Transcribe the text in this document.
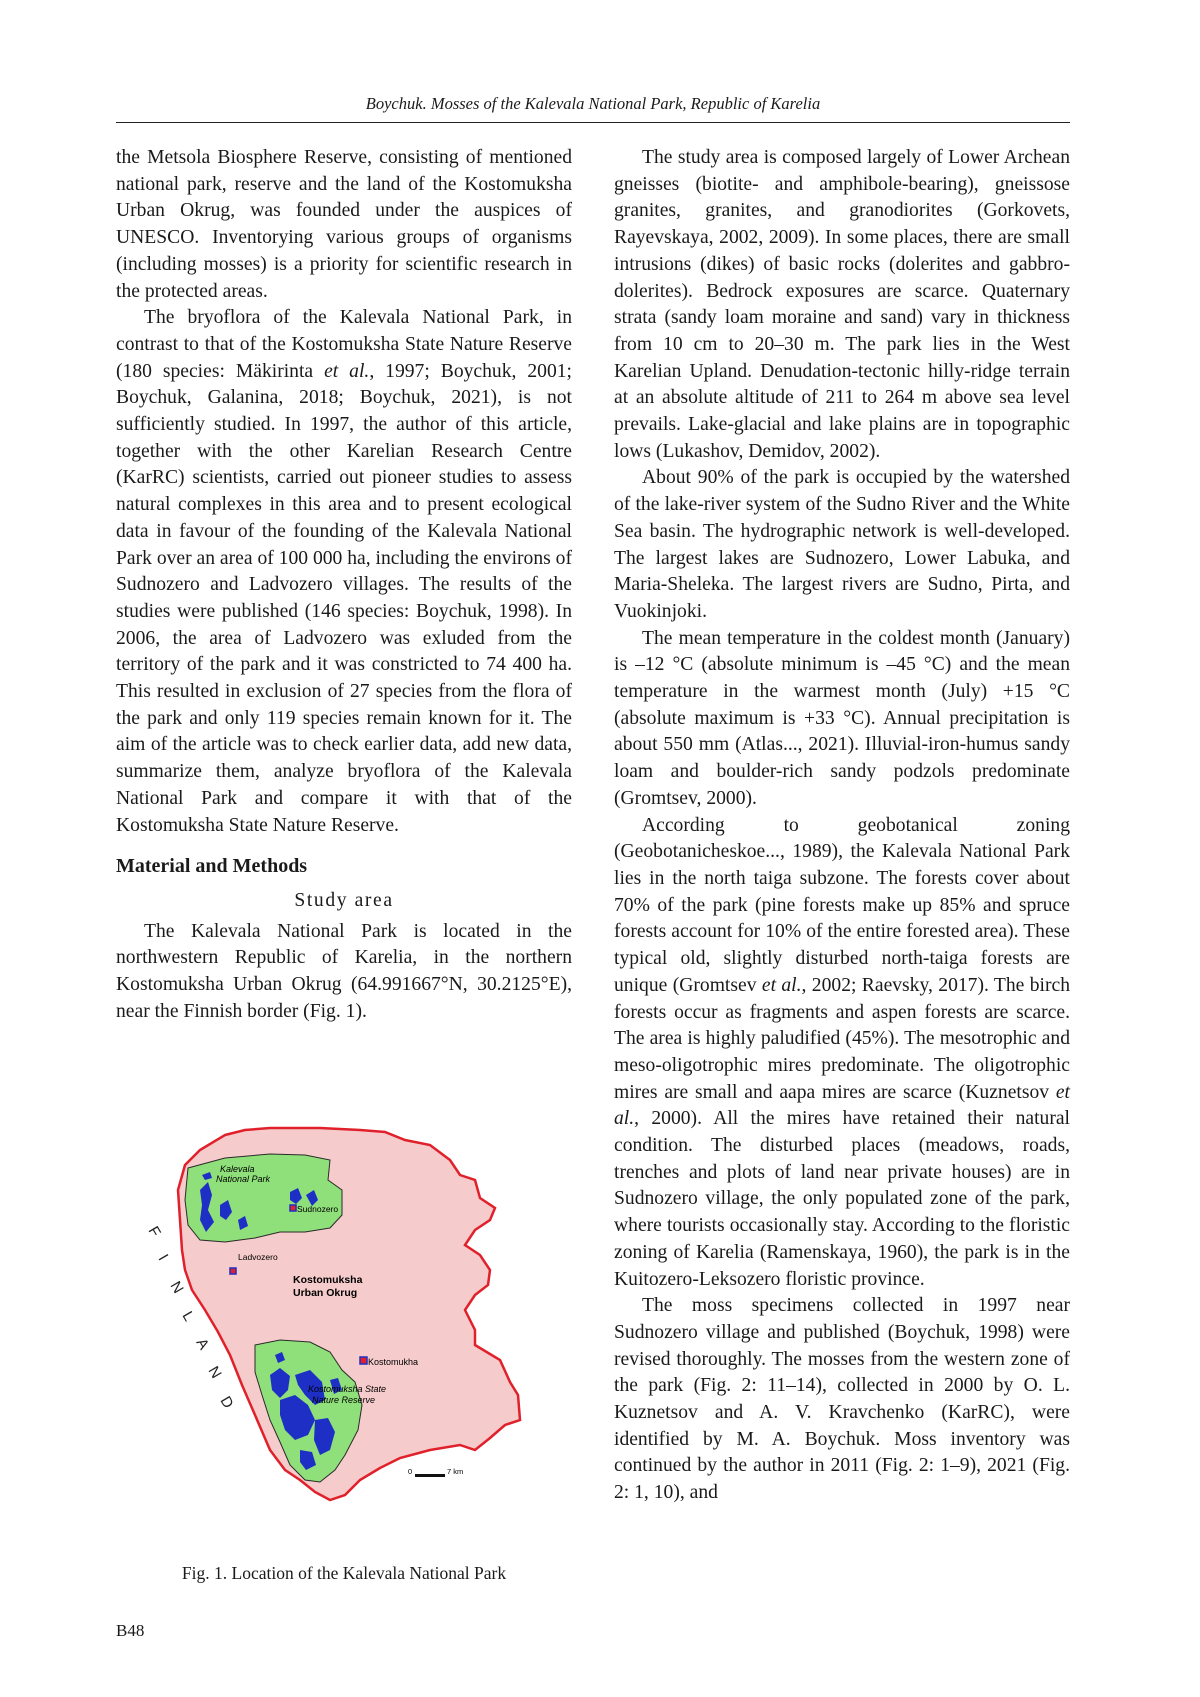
Boychuk. Mosses of the Kalevala National Park, Republic of Karelia

the Metsola Biosphere Reserve, consisting of mentioned national park, reserve and the land of the Kostomuksha Urban Okrug, was founded under the auspices of UNESCO. Inventorying various groups of organisms (including mosses) is a priority for scientific research in the protected areas.

The bryoflora of the Kalevala National Park, in contrast to that of the Kostomuksha State Nature Reserve (180 species: Mäkirinta et al., 1997; Boychuk, 2001; Boychuk, Galanina, 2018; Boychuk, 2021), is not sufficiently studied. In 1997, the author of this article, together with the other Karelian Research Centre (KarRC) scientists, carried out pioneer studies to assess natural complexes in this area and to present ecological data in favour of the founding of the Kalevala National Park over an area of 100 000 ha, including the environs of Sudnozero and Ladvozero villages. The results of the studies were published (146 species: Boychuk, 1998). In 2006, the area of Ladvozero was exluded from the territory of the park and it was constricted to 74 400 ha. This resulted in exclusion of 27 species from the flora of the park and only 119 species remain known for it. The aim of the article was to check earlier data, add new data, summarize them, analyze bryoflora of the Kalevala National Park and compare it with that of the Kostomuksha State Nature Reserve.

Material and Methods
Study area

The Kalevala National Park is located in the northwestern Republic of Karelia, in the northern Kostomuksha Urban Okrug (64.991667°N, 30.2125°E), near the Finnish border (Fig. 1).

Kalevala
National Park
Sudnozero
Ladvozero
Kostomuksha
Urban Okrug
Kostomukha
Kostomuksha State
Nature Reserve
F
I
N
L
A
N
D
0	7 km
Fig. 1. Location of the Kalevala National Park

The study area is composed largely of Lower Archean gneisses (biotite- and amphibole-bearing), gneissose granites, granites, and granodiorites (Gorkovets, Rayevskaya, 2002, 2009). In some places, there are small intrusions (dikes) of basic rocks (dolerites and gabbro-dolerites). Bedrock exposures are scarce. Quaternary strata (sandy loam moraine and sand) vary in thickness from 10 cm to 20–30 m. The park lies in the West Karelian Upland. Denudation-tectonic hilly-ridge terrain at an absolute altitude of 211 to 264 m above sea level prevails. Lake-glacial and lake plains are in topographic lows (Lukashov, Demidov, 2002).

About 90% of the park is occupied by the watershed of the lake-river system of the Sudno River and the White Sea basin. The hydrographic network is well-developed. The largest lakes are Sudnozero, Lower Labuka, and Maria-Sheleka. The largest rivers are Sudno, Pirta, and Vuokinjoki.

The mean temperature in the coldest month (January) is –12 °C (absolute minimum is –45 °C) and the mean temperature in the warmest month (July) +15 °C (absolute maximum is +33 °C). Annual precipitation is about 550 mm (Atlas..., 2021). Illuvial-iron-humus sandy loam and boulder-rich sandy podzols predominate (Gromtsev, 2000).

According to geobotanical zoning (Geobotanicheskoe..., 1989), the Kalevala National Park lies in the north taiga subzone. The forests cover about 70% of the park (pine forests make up 85% and spruce forests account for 10% of the entire forested area). These typical old, slightly disturbed north-taiga forests are unique (Gromtsev et al., 2002; Raevsky, 2017). The birch forests occur as fragments and aspen forests are scarce. The area is highly paludified (45%). The mesotrophic and meso-oligotrophic mires predominate. The oligotrophic mires are small and aapa mires are scarce (Kuznetsov et al., 2000). All the mires have retained their natural condition. The disturbed places (meadows, roads, trenches and plots of land near private houses) are in Sudnozero village, the only populated zone of the park, where tourists occasionally stay. According to the floristic zoning of Karelia (Ramenskaya, 1960), the park is in the Kuitozero-Leksozero floristic province.

The moss specimens collected in 1997 near Sudnozero village and published (Boychuk, 1998) were revised thoroughly. The mosses from the western zone of the park (Fig. 2: 11–14), collected in 2000 by O. L. Kuznetsov and A. V. Kravchenko (KarRC), were identified by M. A. Boychuk. Moss inventory was continued by the author in 2011 (Fig. 2: 1–9), 2021 (Fig. 2: 1, 10), and

B48
